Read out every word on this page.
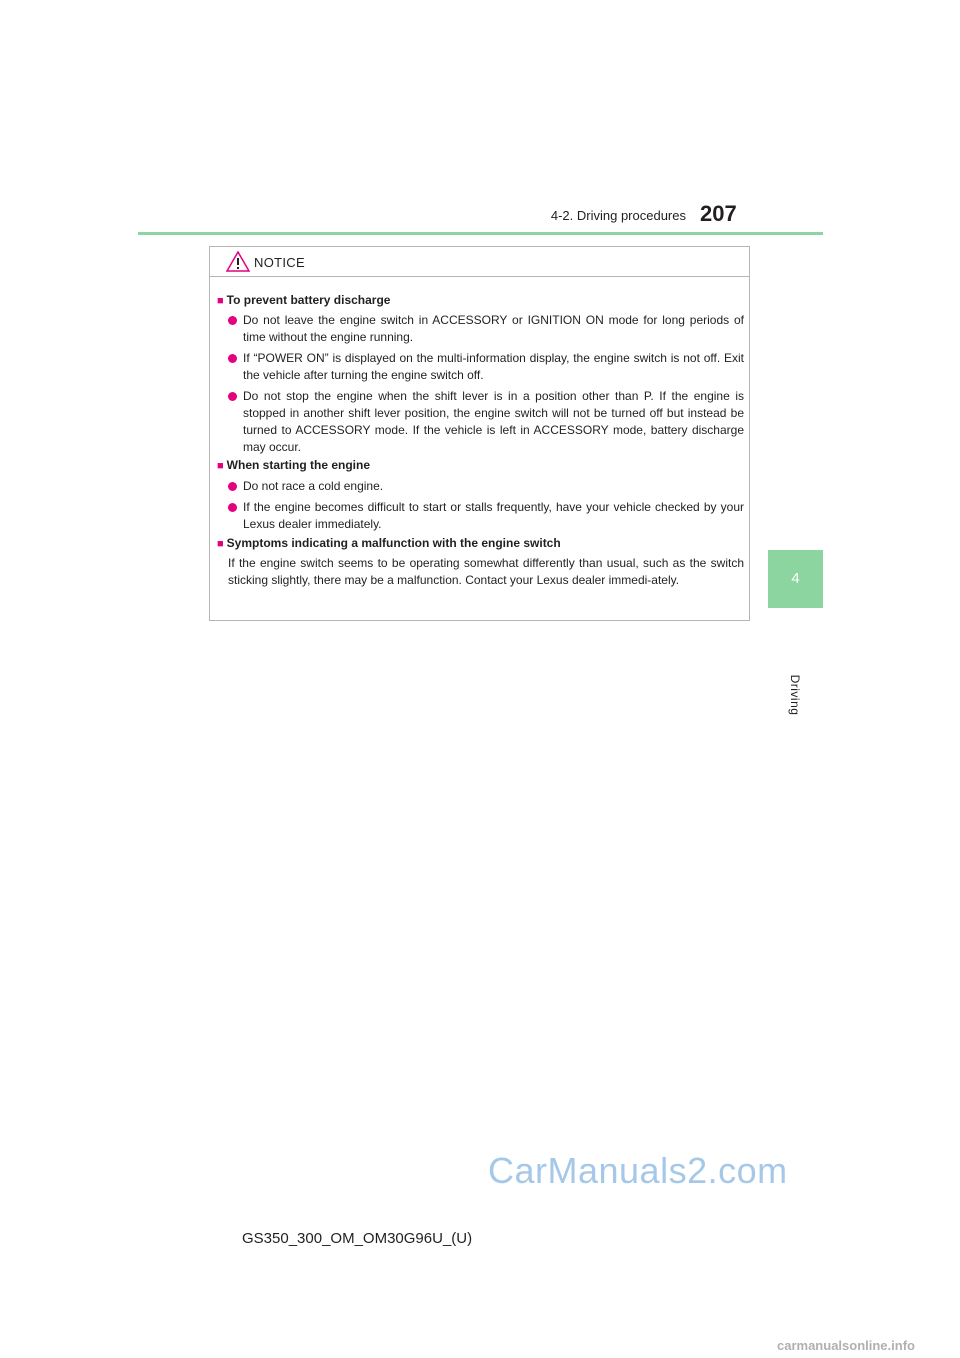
4-2. Driving procedures 207
4
Driving
NOTICE
■ To prevent battery discharge
Do not leave the engine switch in ACCESSORY or IGNITION ON mode for long periods of time without the engine running.
If “POWER ON” is displayed on the multi-information display, the engine switch is not off. Exit the vehicle after turning the engine switch off.
Do not stop the engine when the shift lever is in a position other than P. If the engine is stopped in another shift lever position, the engine switch will not be turned off but instead be turned to ACCESSORY mode. If the vehicle is left in ACCESSORY mode, battery discharge may occur.
■ When starting the engine
Do not race a cold engine.
If the engine becomes difficult to start or stalls frequently, have your vehicle checked by your Lexus dealer immediately.
■ Symptoms indicating a malfunction with the engine switch
If the engine switch seems to be operating somewhat differently than usual, such as the switch sticking slightly, there may be a malfunction. Contact your Lexus dealer immedi-ately.
CarManuals2.com
GS350_300_OM_OM30G96U_(U)
carmanualsonline.info
